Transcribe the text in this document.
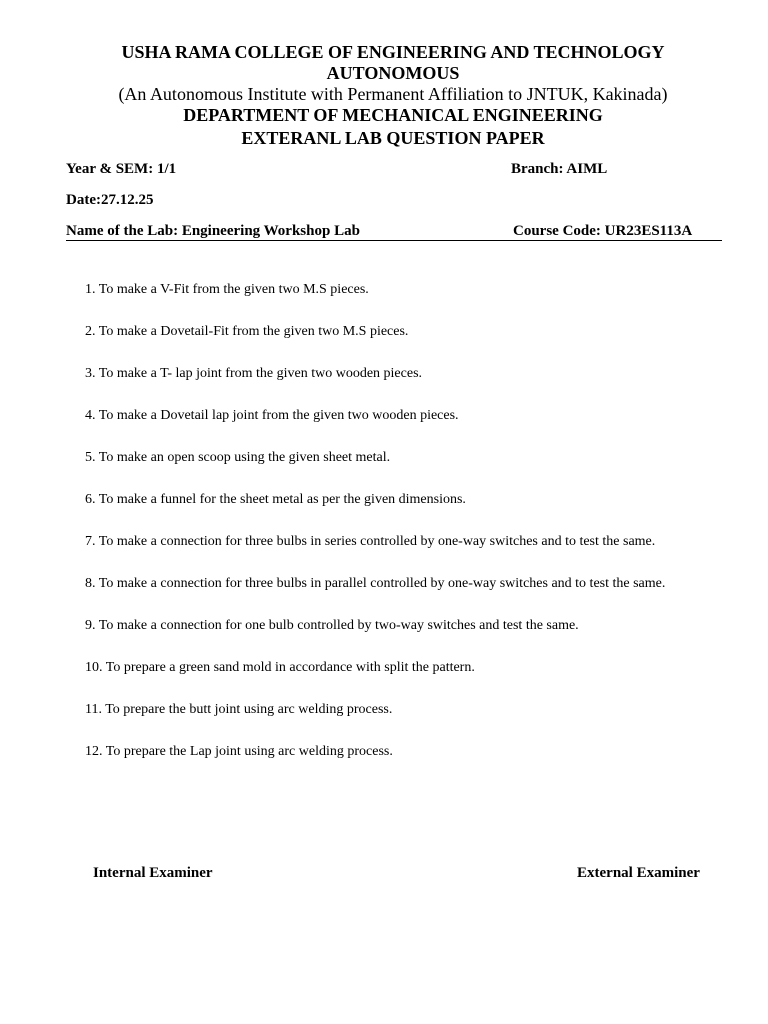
USHA RAMA COLLEGE OF ENGINEERING AND TECHNOLOGY

AUTONOMOUS

(An Autonomous Institute with Permanent Affiliation to JNTUK, Kakinada)

DEPARTMENT OF MECHANICAL ENGINEERING

EXTERANL LAB QUESTION PAPER

Year & SEM: 1/1	Branch: AIML
Date:27.12.25
Name of the Lab: Engineering Workshop Lab	Course Code: UR23ES113A
1. To make a V-Fit from the given two M.S pieces.
2. To make a Dovetail-Fit from the given two M.S pieces.
3. To make a T- lap joint from the given two wooden pieces.
4. To make a Dovetail lap joint from the given two wooden pieces.
5. To make an open scoop using the given sheet metal.
6. To make a funnel for the sheet metal as per the given dimensions.
7. To make a connection for three bulbs in series controlled by one-way switches and to test the same.
8. To make a connection for three bulbs in parallel controlled by one-way switches and to test the same.
9. To make a connection for one bulb controlled by two-way switches and test the same.
10. To prepare a green sand mold in accordance with split the pattern.
11. To prepare the butt joint using arc welding process.
12. To prepare the Lap joint using arc welding process.
Internal Examiner	External Examiner
